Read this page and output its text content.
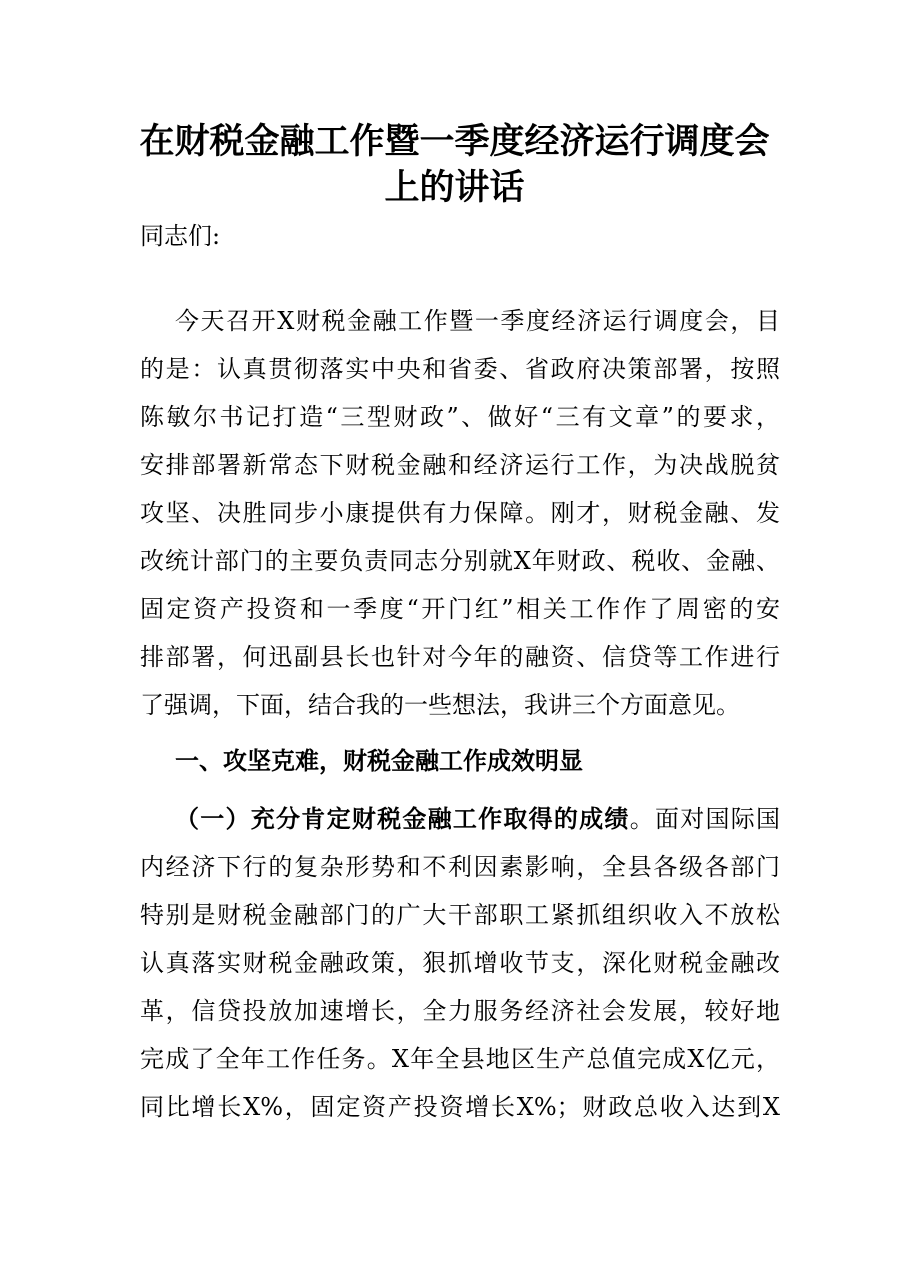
在财税金融工作暨一季度经济运行调度会
上的讲话
同志们:
今天召开X财税金融工作暨一季度经济运行调度会，目
的是：认真贯彻落实中央和省委、省政府决策部署，按照
陈敏尔书记打造“三型财政”、做好“三有文章”的要求，
安排部署新常态下财税金融和经济运行工作，为决战脱贫
攻坚、决胜同步小康提供有力保障。刚才，财税金融、发
改统计部门的主要负责同志分别就X年财政、税收、金融、
固定资产投资和一季度“开门红”相关工作作了周密的安
排部署，何迅副县长也针对今年的融资、信贷等工作进行
了强调，下面，结合我的一些想法，我讲三个方面意见。
一、攻坚克难，财税金融工作成效明显
（一）充分肯定财税金融工作取得的成绩。面对国际国
内经济下行的复杂形势和不利因素影响，全县各级各部门
特别是财税金融部门的广大干部职工紧抓组织收入不放松
认真落实财税金融政策，狠抓增收节支，深化财税金融改
革，信贷投放加速增长，全力服务经济社会发展，较好地
完成了全年工作任务。X年全县地区生产总值完成X亿元，
同比增长X%，固定资产投资增长X%；财政总收入达到X
